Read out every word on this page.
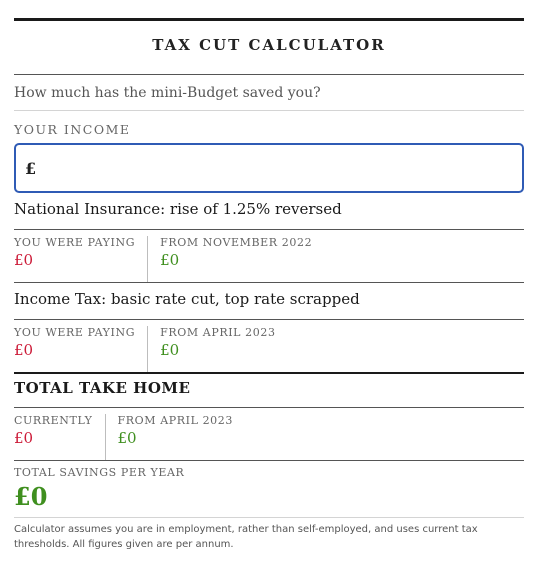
TAX CUT CALCULATOR
How much has the mini-Budget saved you?
YOUR INCOME
£
National Insurance: rise of 1.25% reversed
YOU WERE PAYING
£0
FROM NOVEMBER 2022
£0
Income Tax: basic rate cut, top rate scrapped
YOU WERE PAYING
£0
FROM APRIL 2023
£0
TOTAL TAKE HOME
CURRENTLY
£0
FROM APRIL 2023
£0
TOTAL SAVINGS PER YEAR
£0
Calculator assumes you are in employment, rather than self-employed, and uses current tax thresholds. All figures given are per annum.
